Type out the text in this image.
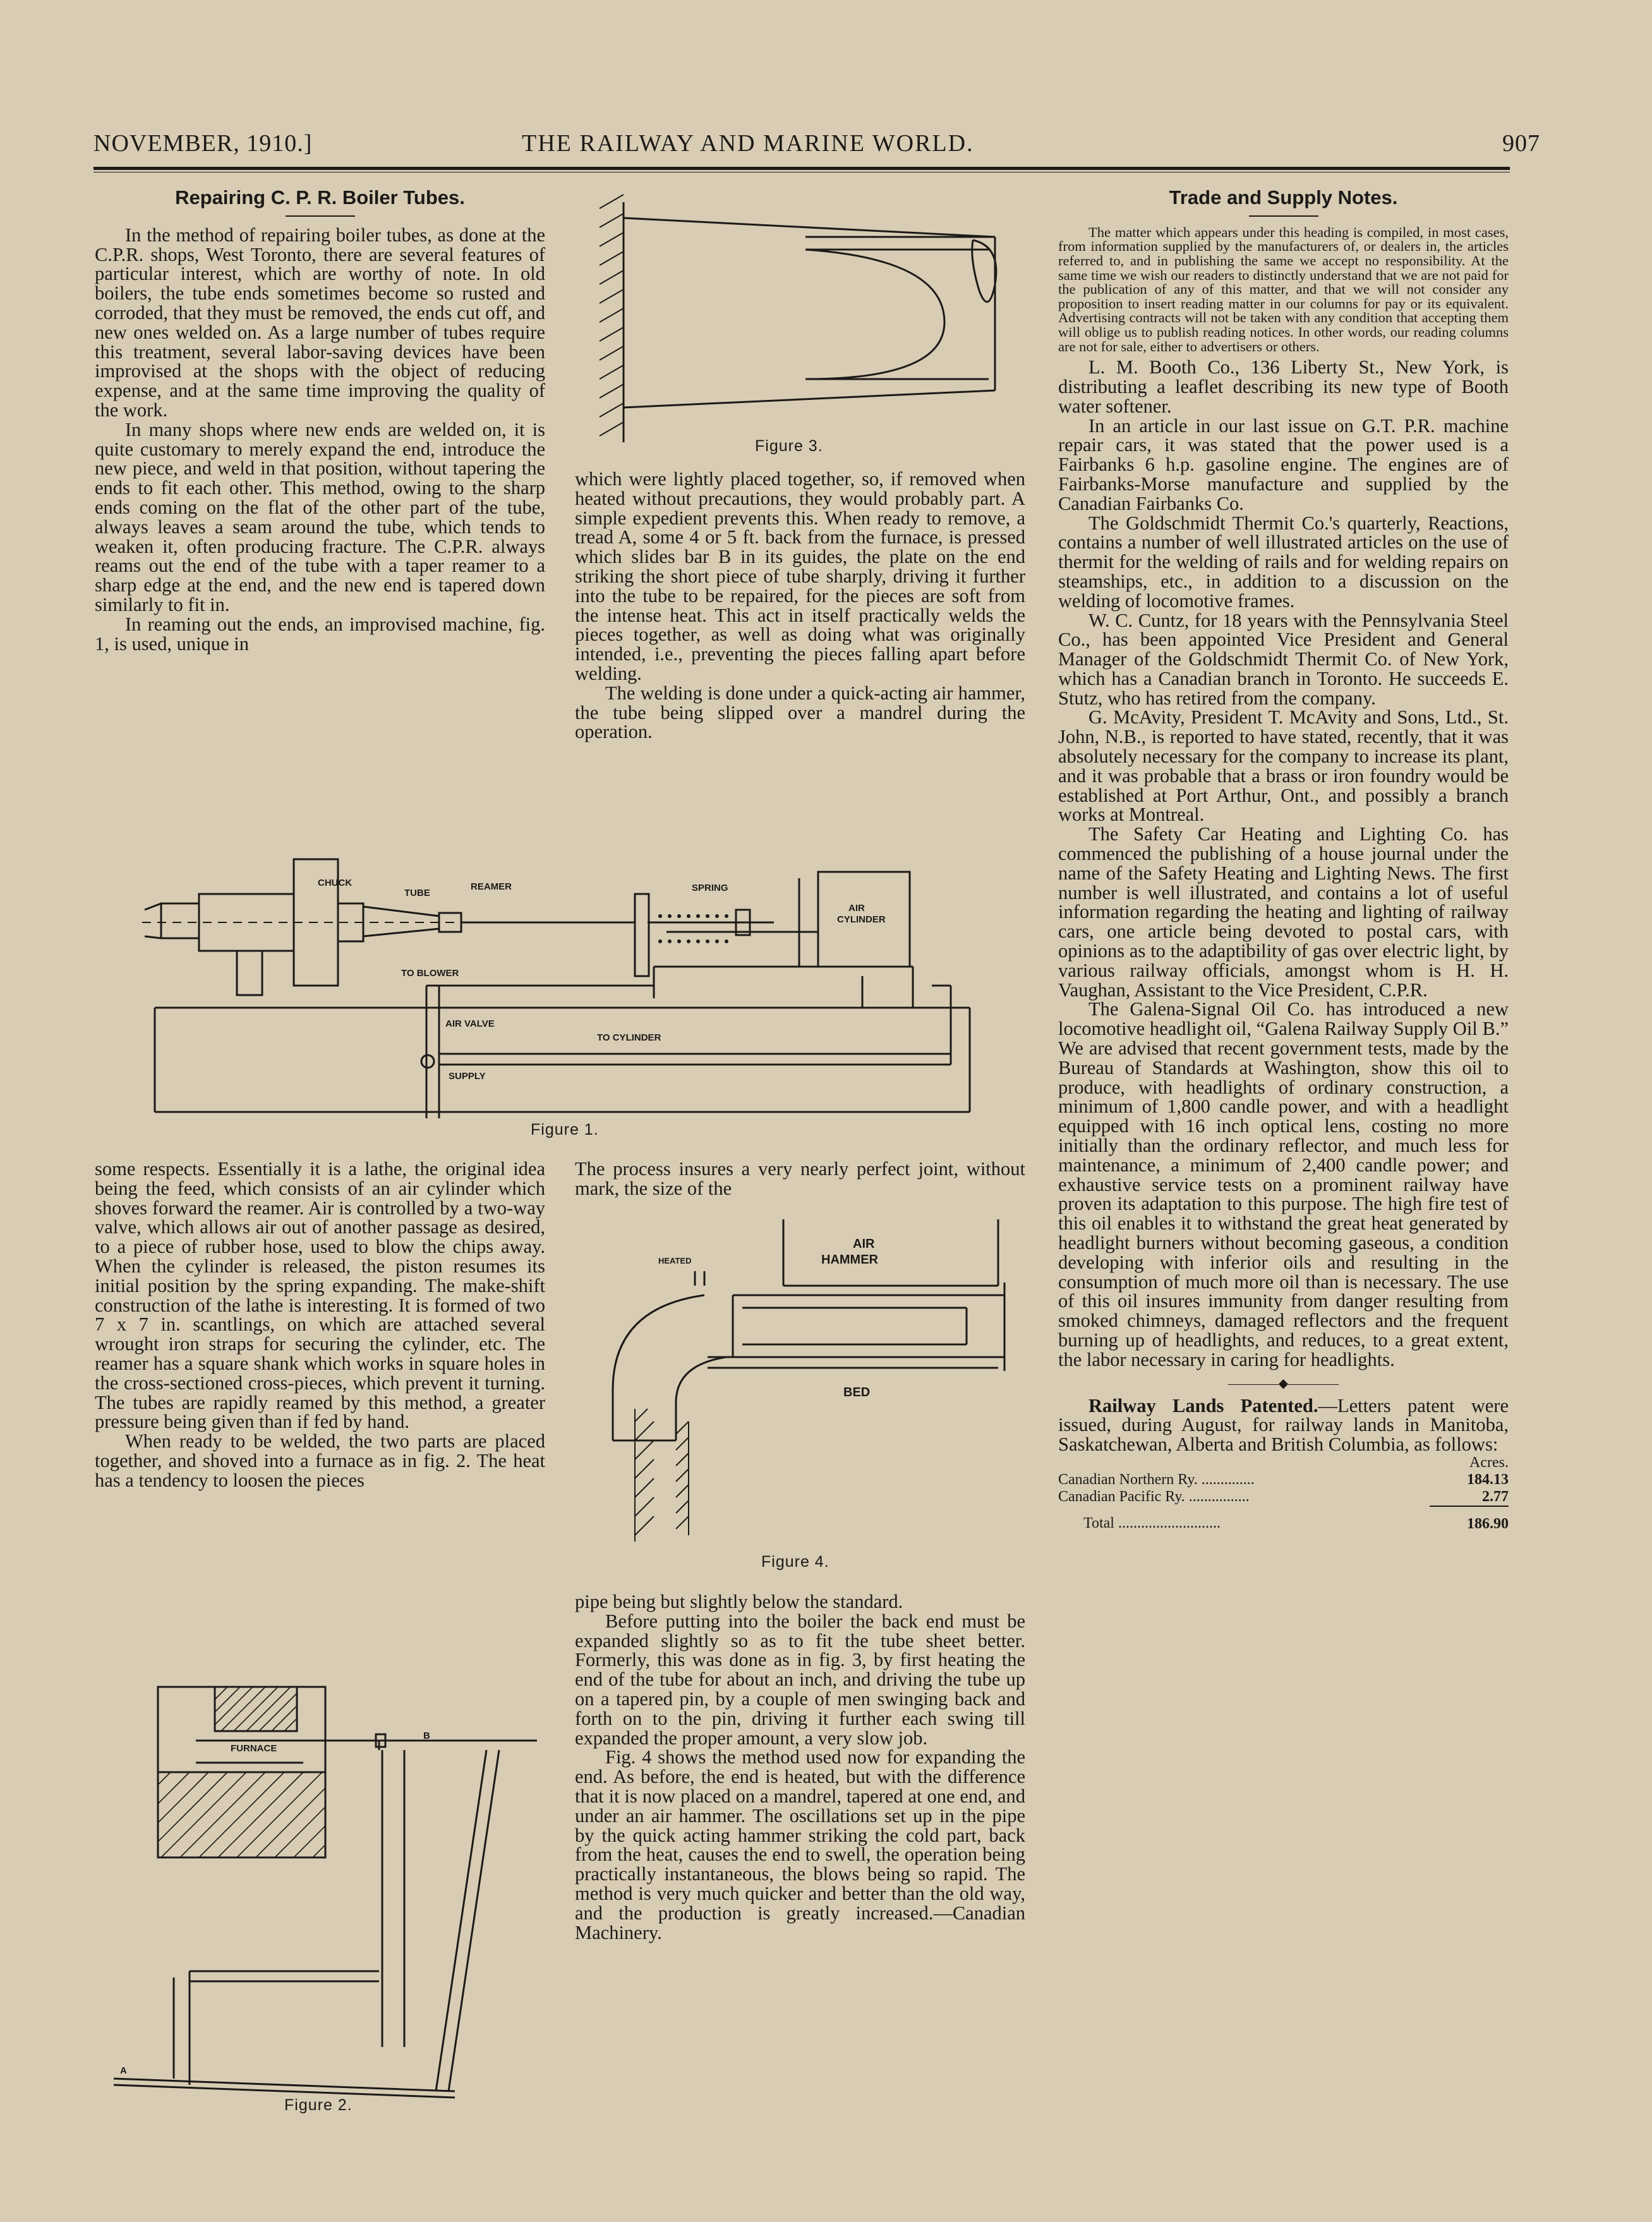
NOVEMBER, 1910.]	THE RAILWAY AND MARINE WORLD.	907
Repairing C. P. R. Boiler Tubes.

In the method of repairing boiler tubes, as done at the C.P.R. shops, West Toronto, there are several features of particular interest, which are worthy of note. In old boilers, the tube ends sometimes become so rusted and corroded, that they must be removed, the ends cut off, and new ones welded on. As a large number of tubes require this treatment, several labor-saving devices have been improvised at the shops with the object of reducing expense, and at the same time improving the quality of the work.

In many shops where new ends are welded on, it is quite customary to merely expand the end, introduce the new piece, and weld in that position, without tapering the ends to fit each other. This method, owing to the sharp ends coming on the flat of the other part of the tube, always leaves a seam around the tube, which tends to weaken it, often producing fracture. The C.P.R. always reams out the end of the tube with a taper reamer to a sharp edge at the end, and the new end is tapered down similarly to fit in.

In reaming out the ends, an improvised machine, fig. 1, is used, unique in

Figure 3.

which were lightly placed together, so, if removed when heated without precautions, they would probably part. A simple expedient prevents this. When ready to remove, a tread A, some 4 or 5 ft. back from the furnace, is pressed which slides bar B in its guides, the plate on the end striking the short piece of tube sharply, driving it further into the tube to be repaired, for the pieces are soft from the intense heat. This act in itself practically welds the pieces together, as well as doing what was originally intended, i.e., preventing the pieces falling apart before welding.

The welding is done under a quick-acting air hammer, the tube being slipped over a mandrel during the operation.

CHUCK
TUBE
REAMER	SPRING
AIR
CYLINDER
TO BLOWER
AIR VALVE
TO CYLINDER
SUPPLY
Figure 1.

some respects. Essentially it is a lathe, the original idea being the feed, which consists of an air cylinder which shoves forward the reamer. Air is controlled by a two-way valve, which allows air out of another passage as desired, to a piece of rubber hose, used to blow the chips away. When the cylinder is released, the piston resumes its initial position by the spring expanding. The make-shift construction of the lathe is interesting. It is formed of two 7 x 7 in. scantlings, on which are attached several wrought iron straps for securing the cylinder, etc. The reamer has a square shank which works in square holes in the cross-sectioned cross-pieces, which prevent it turning. The tubes are rapidly reamed by this method, a greater pressure being given than if fed by hand.

When ready to be welded, the two parts are placed together, and shoved into a furnace as in fig. 2. The heat has a tendency to loosen the pieces

FURNACE
B
A
Figure 2.

The process insures a very nearly perfect joint, without mark, the size of the

AIR
HAMMER
HEATED
BED
Figure 4.

pipe being but slightly below the standard.

Before putting into the boiler the back end must be expanded slightly so as to fit the tube sheet better. Formerly, this was done as in fig. 3, by first heating the end of the tube for about an inch, and driving the tube up on a tapered pin, by a couple of men swinging back and forth on to the pin, driving it further each swing till expanded the proper amount, a very slow job.

Fig. 4 shows the method used now for expanding the end. As before, the end is heated, but with the difference that it is now placed on a mandrel, tapered at one end, and under an air hammer. The oscillations set up in the pipe by the quick acting hammer striking the cold part, back from the heat, causes the end to swell, the operation being practically instantaneous, the blows being so rapid. The method is very much quicker and better than the old way, and the production is greatly increased.—Canadian Machinery.

Trade and Supply Notes.

The matter which appears under this heading is compiled, in most cases, from information supplied by the manufacturers of, or dealers in, the articles referred to, and in publishing the same we accept no responsibility. At the same time we wish our readers to distinctly understand that we are not paid for the publication of any of this matter, and that we will not consider any proposition to insert reading matter in our columns for pay or its equivalent. Advertising contracts will not be taken with any condition that accepting them will oblige us to publish reading notices. In other words, our reading columns are not for sale, either to advertisers or others.

L. M. Booth Co., 136 Liberty St., New York, is distributing a leaflet describing its new type of Booth water softener.

In an article in our last issue on G.T. P.R. machine repair cars, it was stated that the power used is a Fairbanks 6 h.p. gasoline engine. The engines are of Fairbanks-Morse manufacture and supplied by the Canadian Fairbanks Co.

The Goldschmidt Thermit Co.'s quarterly, Reactions, contains a number of well illustrated articles on the use of thermit for the welding of rails and for welding repairs on steamships, etc., in addition to a discussion on the welding of locomotive frames.

W. C. Cuntz, for 18 years with the Pennsylvania Steel Co., has been appointed Vice President and General Manager of the Goldschmidt Thermit Co. of New York, which has a Canadian branch in Toronto. He succeeds E. Stutz, who has retired from the company.

G. McAvity, President T. McAvity and Sons, Ltd., St. John, N.B., is reported to have stated, recently, that it was absolutely necessary for the company to increase its plant, and it was probable that a brass or iron foundry would be established at Port Arthur, Ont., and possibly a branch works at Montreal.

The Safety Car Heating and Lighting Co. has commenced the publishing of a house journal under the name of the Safety Heating and Lighting News. The first number is well illustrated, and contains a lot of useful information regarding the heating and lighting of railway cars, one article being devoted to postal cars, with opinions as to the adaptibility of gas over electric light, by various railway officials, amongst whom is H. H. Vaughan, Assistant to the Vice President, C.P.R.

The Galena-Signal Oil Co. has introduced a new locomotive headlight oil, “Galena Railway Supply Oil B.” We are advised that recent government tests, made by the Bureau of Standards at Washington, show this oil to produce, with headlights of ordinary construction, a minimum of 1,800 candle power, and with a headlight equipped with 16 inch optical lens, costing no more initially than the ordinary reflector, and much less for maintenance, a minimum of 2,400 candle power; and exhaustive service tests on a prominent railway have proven its adaptation to this purpose. The high fire test of this oil enables it to withstand the great heat generated by headlight burners without becoming gaseous, a condition developing with inferior oils and resulting in the consumption of much more oil than is necessary. The use of this oil insures immunity from danger resulting from smoked chimneys, damaged reflectors and the frequent burning up of headlights, and reduces, to a great extent, the labor necessary in caring for headlights.

————◆————

Railway Lands Patented.—Letters patent were issued, during August, for railway lands in Manitoba, Saskatchewan, Alberta and British Columbia, as follows:

	Acres.
Canadian Northern Ry. ..............	184.13
Canadian Pacific Ry. ................	2.77
Total ...........................	186.90
